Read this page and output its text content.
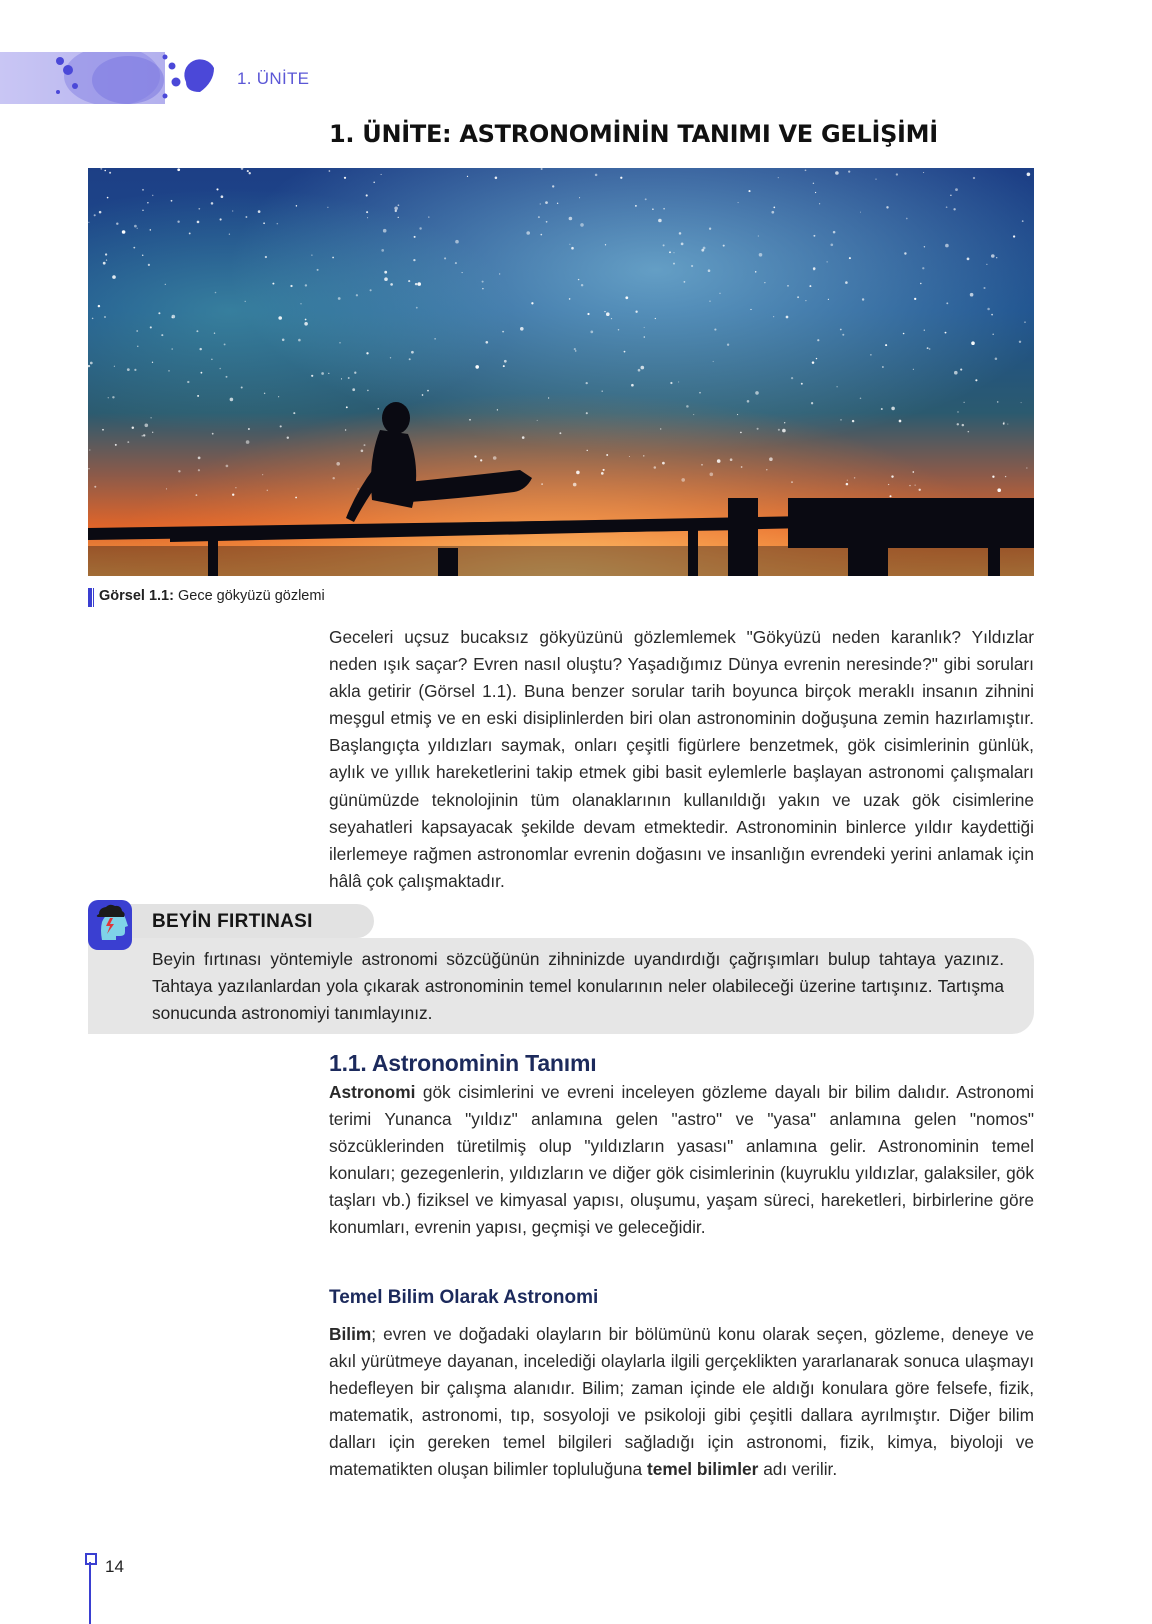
1. ÜNİTE
1. ÜNİTE: ASTRONOMİNİN TANIMI VE GELİŞİMİ
Görsel 1.1: Gece gökyüzü gözlemi

Geceleri uçsuz bucaksız gökyüzünü gözlemlemek "Gökyüzü neden karanlık? Yıldızlar neden ışık saçar? Evren nasıl oluştu? Yaşadığımız Dünya evrenin neresinde?" gibi soruları akla getirir (Görsel 1.1). Buna benzer sorular tarih boyunca birçok meraklı insanın zihnini meşgul etmiş ve en eski disiplinlerden biri olan astronominin doğuşuna zemin hazırlamıştır. Başlangıçta yıldızları saymak, onları çeşitli figürlere benzetmek, gök cisimlerinin günlük, aylık ve yıllık hareketlerini takip etmek gibi basit eylemlerle başlayan astronomi çalışmaları günümüzde teknolojinin tüm olanaklarının kullanıldığı yakın ve uzak gök cisimlerine seyahatleri kapsayacak şekilde devam etmektedir. Astronominin binlerce yıldır kaydettiği ilerlemeye rağmen astronomlar evrenin doğasını ve insanlığın evrendeki yerini anlamak için hâlâ çok çalışmaktadır.

BEYİN FIRTINASI

Beyin fırtınası yöntemiyle astronomi sözcüğünün zihninizde uyandırdığı çağrışımları bulup tahtaya yazınız. Tahtaya yazılanlardan yola çıkarak astronominin temel konularının neler olabileceği üzerine tartışınız. Tartışma sonucunda astronomiyi tanımlayınız.

1.1. Astronominin Tanımı

Astronomi gök cisimlerini ve evreni inceleyen gözleme dayalı bir bilim dalıdır. Astronomi terimi Yunanca "yıldız" anlamına gelen "astro" ve "yasa" anlamına gelen "nomos" sözcüklerinden türetilmiş olup "yıldızların yasası" anlamına gelir. Astronominin temel konuları; gezegenlerin, yıldızların ve diğer gök cisimlerinin (kuyruklu yıldızlar, galaksiler, gök taşları vb.) fiziksel ve kimyasal yapısı, oluşumu, yaşam süreci, hareketleri, birbirlerine göre konumları, evrenin yapısı, geçmişi ve geleceğidir.

Temel Bilim Olarak Astronomi

Bilim; evren ve doğadaki olayların bir bölümünü konu olarak seçen, gözleme, deneye ve akıl yürütmeye dayanan, incelediği olaylarla ilgili gerçeklikten yararlanarak sonuca ulaşmayı hedefleyen bir çalışma alanıdır. Bilim; zaman içinde ele aldığı konulara göre felsefe, fizik, matematik, astronomi, tıp, sosyoloji ve psikoloji gibi çeşitli dallara ayrılmıştır. Diğer bilim dalları için gereken temel bilgileri sağladığı için astronomi, fizik, kimya, biyoloji ve matematikten oluşan bilimler topluluğuna temel bilimler adı verilir.

14
